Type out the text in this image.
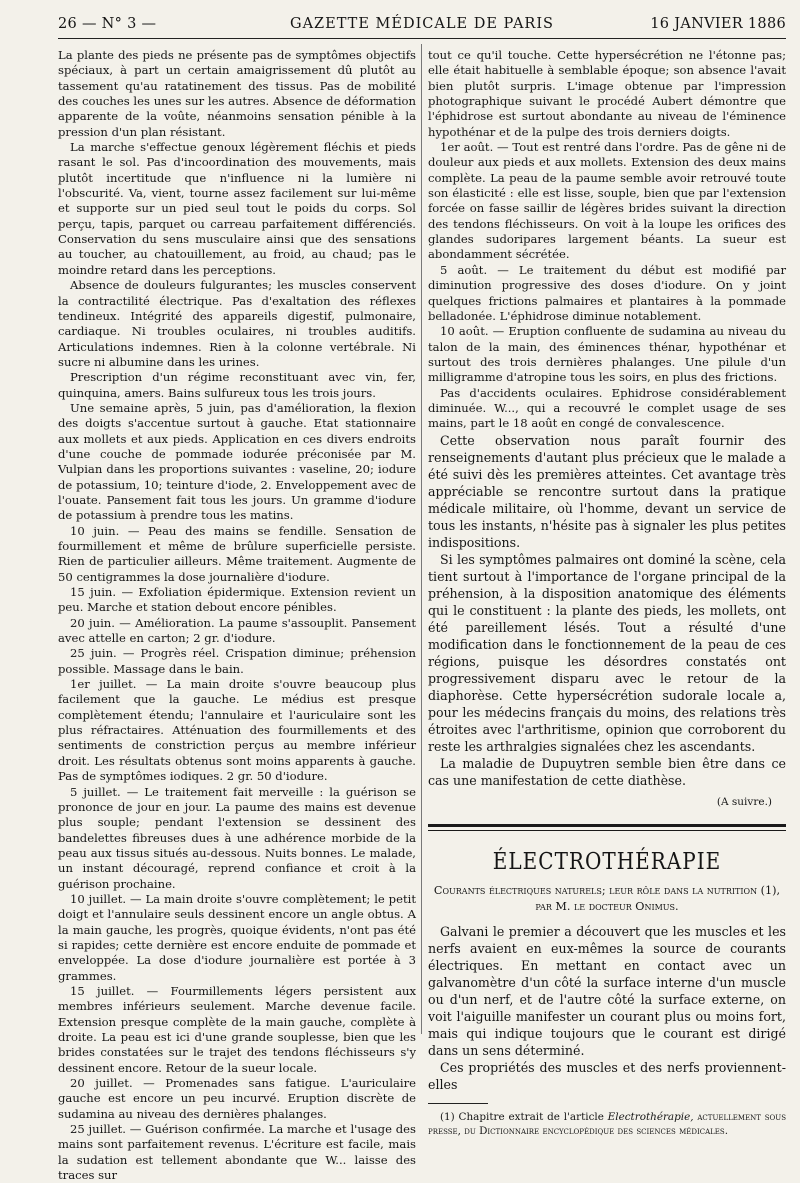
26 — N° 3 —	GAZETTE MÉDICALE DE PARIS	16 JANVIER 1886

La plante des pieds ne présente pas de symptômes objectifs spéciaux, à part un certain amaigrissement dû plutôt au tassement qu'au ratatinement des tissus. Pas de mobilité des couches les unes sur les autres. Absence de déformation apparente de la voûte, néanmoins sensation pénible à la pression d'un plan résistant.

La marche s'effectue genoux légèrement fléchis et pieds rasant le sol. Pas d'incoordination des mouvements, mais plutôt incertitude que n'influence ni la lumière ni l'obscurité. Va, vient, tourne assez facilement sur lui-même et supporte sur un pied seul tout le poids du corps. Sol perçu, tapis, parquet ou carreau parfaitement différenciés. Conservation du sens musculaire ainsi que des sensations au toucher, au chatouillement, au froid, au chaud; pas le moindre retard dans les perceptions.

Absence de douleurs fulgurantes; les muscles conservent la contractilité électrique. Pas d'exaltation des réflexes tendineux. Intégrité des appareils digestif, pulmonaire, cardiaque. Ni troubles oculaires, ni troubles auditifs. Articulations indemnes. Rien à la colonne vertébrale. Ni sucre ni albumine dans les urines.

Prescription d'un régime reconstituant avec vin, fer, quinquina, amers. Bains sulfureux tous les trois jours.

Une semaine après, 5 juin, pas d'amélioration, la flexion des doigts s'accentue surtout à gauche. Etat stationnaire aux mollets et aux pieds. Application en ces divers endroits d'une couche de pommade iodurée préconisée par M. Vulpian dans les proportions suivantes : vaseline, 20; iodure de potassium, 10; teinture d'iode, 2. Enveloppement avec de l'ouate. Pansement fait tous les jours. Un gramme d'iodure de potassium à prendre tous les matins.

10 juin. — Peau des mains se fendille. Sensation de fourmillement et même de brûlure superficielle persiste. Rien de particulier ailleurs. Même traitement. Augmente de 50 centigrammes la dose journalière d'iodure.

15 juin. — Exfoliation épidermique. Extension revient un peu. Marche et station debout encore pénibles.

20 juin. — Amélioration. La paume s'assouplit. Pansement avec attelle en carton; 2 gr. d'iodure.

25 juin. — Progrès réel. Crispation diminue; préhension possible. Massage dans le bain.

1er juillet. — La main droite s'ouvre beaucoup plus facilement que la gauche. Le médius est presque complètement étendu; l'annulaire et l'auriculaire sont les plus réfractaires. Atténuation des fourmillements et des sentiments de constriction perçus au membre inférieur droit. Les résultats obtenus sont moins apparents à gauche. Pas de symptômes iodiques. 2 gr. 50 d'iodure.

5 juillet. — Le traitement fait merveille : la guérison se prononce de jour en jour. La paume des mains est devenue plus souple; pendant l'extension se dessinent des bandelettes fibreuses dues à une adhérence morbide de la peau aux tissus situés au-dessous. Nuits bonnes. Le malade, un instant découragé, reprend confiance et croit à la guérison prochaine.

10 juillet. — La main droite s'ouvre complètement; le petit doigt et l'annulaire seuls dessinent encore un angle obtus. A la main gauche, les progrès, quoique évidents, n'ont pas été si rapides; cette dernière est encore enduite de pommade et enveloppée. La dose d'iodure journalière est portée à 3 grammes.

15 juillet. — Fourmillements légers persistent aux membres inférieurs seulement. Marche devenue facile. Extension presque complète de la main gauche, complète à droite. La peau est ici d'une grande souplesse, bien que les brides constatées sur le trajet des tendons fléchisseurs s'y dessinent encore. Retour de la sueur locale.

20 juillet. — Promenades sans fatigue. L'auriculaire gauche est encore un peu incurvé. Eruption discrète de sudamina au niveau des dernières phalanges.

25 juillet. — Guérison confirmée. La marche et l'usage des mains sont parfaitement revenus. L'écriture est facile, mais la sudation est tellement abondante que W... laisse des traces sur

tout ce qu'il touche. Cette hypersécrétion ne l'étonne pas; elle était habituelle à semblable époque; son absence l'avait bien plutôt surpris. L'image obtenue par l'impression photographique suivant le procédé Aubert démontre que l'éphidrose est surtout abondante au niveau de l'éminence hypothénar et de la pulpe des trois derniers doigts.

1er août. — Tout est rentré dans l'ordre. Pas de gêne ni de douleur aux pieds et aux mollets. Extension des deux mains complète. La peau de la paume semble avoir retrouvé toute son élasticité : elle est lisse, souple, bien que par l'extension forcée on fasse saillir de légères brides suivant la direction des tendons fléchisseurs. On voit à la loupe les orifices des glandes sudoripares largement béants. La sueur est abondamment sécrétée.

5 août. — Le traitement du début est modifié par diminution progressive des doses d'iodure. On y joint quelques frictions palmaires et plantaires à la pommade belladonée. L'éphidrose diminue notablement.

10 août. — Eruption confluente de sudamina au niveau du talon de la main, des éminences thénar, hypothénar et surtout des trois dernières phalanges. Une pilule d'un milligramme d'atropine tous les soirs, en plus des frictions.

Pas d'accidents oculaires. Ephidrose considérablement diminuée. W..., qui a recouvré le complet usage de ses mains, part le 18 août en congé de convalescence.

Cette observation nous paraît fournir des renseignements d'autant plus précieux que le malade a été suivi dès les premières atteintes. Cet avantage très appréciable se rencontre surtout dans la pratique médicale militaire, où l'homme, devant un service de tous les instants, n'hésite pas à signaler les plus petites indispositions.

Si les symptômes palmaires ont dominé la scène, cela tient surtout à l'importance de l'organe principal de la préhension, à la disposition anatomique des éléments qui le constituent : la plante des pieds, les mollets, ont été pareillement lésés. Tout a résulté d'une modification dans le fonctionnement de la peau de ces régions, puisque les désordres constatés ont progressivement disparu avec le retour de la diaphorèse. Cette hypersécrétion sudorale locale a, pour les médecins français du moins, des relations très étroites avec l'arthritisme, opinion que corroborent du reste les arthralgies signalées chez les ascendants.

La maladie de Dupuytren semble bien être dans ce cas une manifestation de cette diathèse.

(A suivre.)
ÉLECTROTHÉRAPIE
Courants électriques naturels; leur rôle dans la nutrition (1), par M. le docteur Onimus.

Galvani le premier a découvert que les muscles et les nerfs avaient en eux-mêmes la source de courants électriques. En mettant en contact avec un galvanomètre d'un côté la surface interne d'un muscle ou d'un nerf, et de l'autre côté la surface externe, on voit l'aiguille manifester un courant plus ou moins fort, mais qui indique toujours que le courant est dirigé dans un sens déterminé.

Ces propriétés des muscles et des nerfs proviennent-elles

(1) Chapitre extrait de l'article Electrothérapie, actuellement sous presse, du Dictionnaire encyclopédique des sciences médicales.
